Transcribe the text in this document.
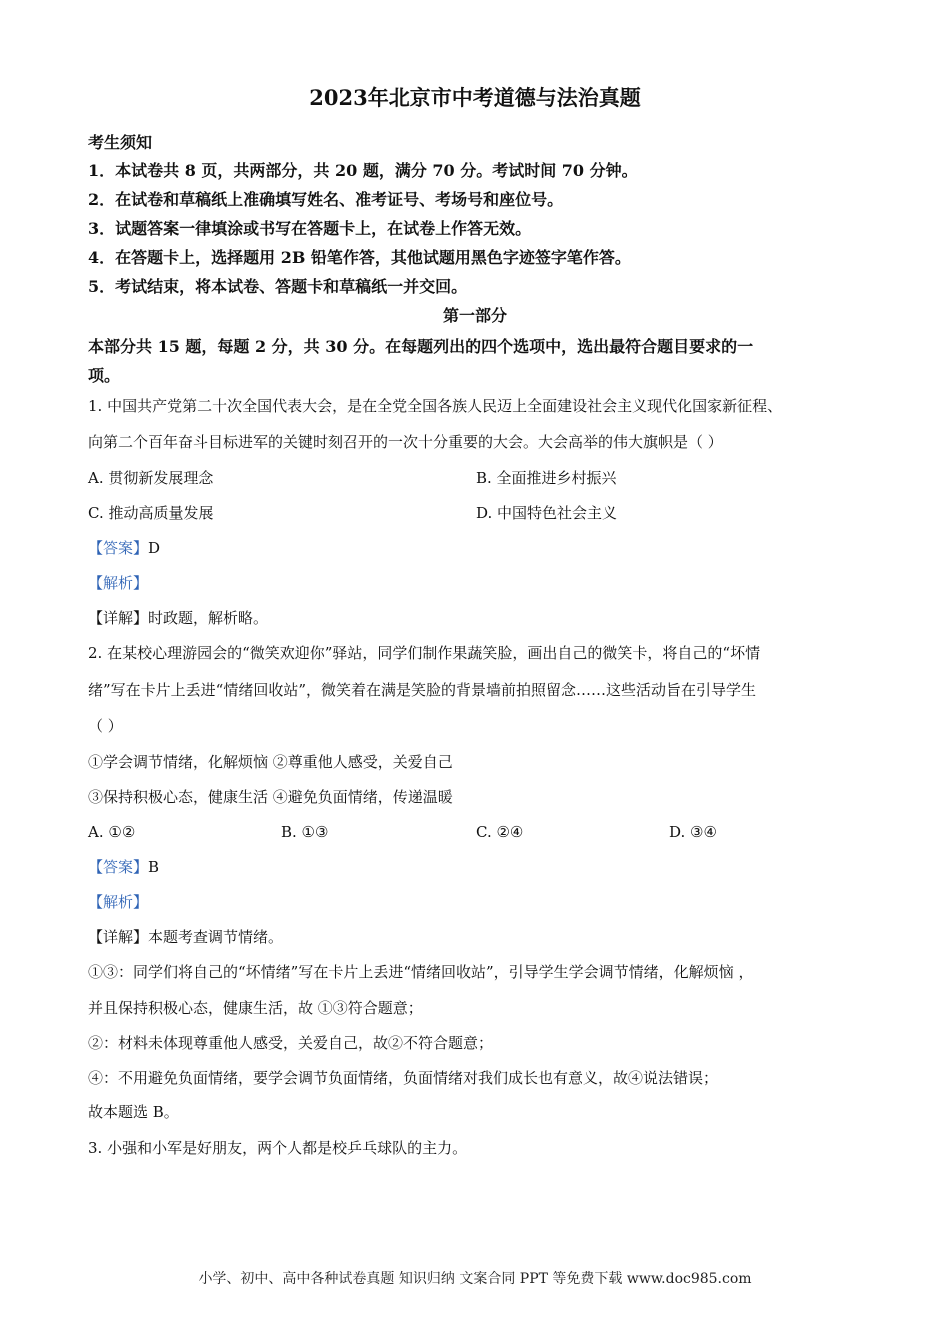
2023年北京市中考道德与法治真题
考生须知
1．本试卷共 8 页，共两部分，共 20 题，满分 70 分。考试时间 70 分钟。
2．在试卷和草稿纸上准确填写姓名、准考证号、考场号和座位号。
3．试题答案一律填涂或书写在答题卡上，在试卷上作答无效。
4．在答题卡上，选择题用 2B 铅笔作答，其他试题用黑色字迹签字笔作答。
5．考试结束，将本试卷、答题卡和草稿纸一并交回。
第一部分
本部分共 15 题，每题 2 分，共 30 分。在每题列出的四个选项中，选出最符合题目要求的一
项。
1. 中国共产党第二十次全国代表大会，是在全党全国各族人民迈上全面建设社会主义现代化国家新征程、
向第二个百年奋斗目标进军的关键时刻召开的一次十分重要的大会。大会高举的伟大旗帜是（ ）
A. 贯彻新发展理念	B. 全面推进乡村振兴
C. 推动高质量发展	D. 中国特色社会主义
【答案】D
【解析】
【详解】时政题，解析略。
2. 在某校心理游园会的“微笑欢迎你”驿站，同学们制作果蔬笑脸，画出自己的微笑卡，将自己的“坏情
绪”写在卡片上丢进“情绪回收站”，微笑着在满是笑脸的背景墙前拍照留念……这些活动旨在引导学生
（ ）
①学会调节情绪，化解烦恼 ②尊重他人感受，关爱自己
③保持积极心态，健康生活 ④避免负面情绪，传递温暖
A. ①②	B. ①③	C. ②④	D. ③④
【答案】B
【解析】
【详解】本题考查调节情绪。
①③：同学们将自己的“坏情绪”写在卡片上丢进“情绪回收站”，引导学生学会调节情绪，化解烦恼 ，
并且保持积极心态，健康生活，故 ①③符合题意；
②：材料未体现尊重他人感受，关爱自己，故②不符合题意；
④：不用避免负面情绪，要学会调节负面情绪，负面情绪对我们成长也有意义，故④说法错误；
故本题选 B。
3. 小强和小军是好朋友，两个人都是校乒乓球队的主力。
小学、初中、高中各种试卷真题 知识归纳 文案合同 PPT 等免费下载 www.doc985.com
